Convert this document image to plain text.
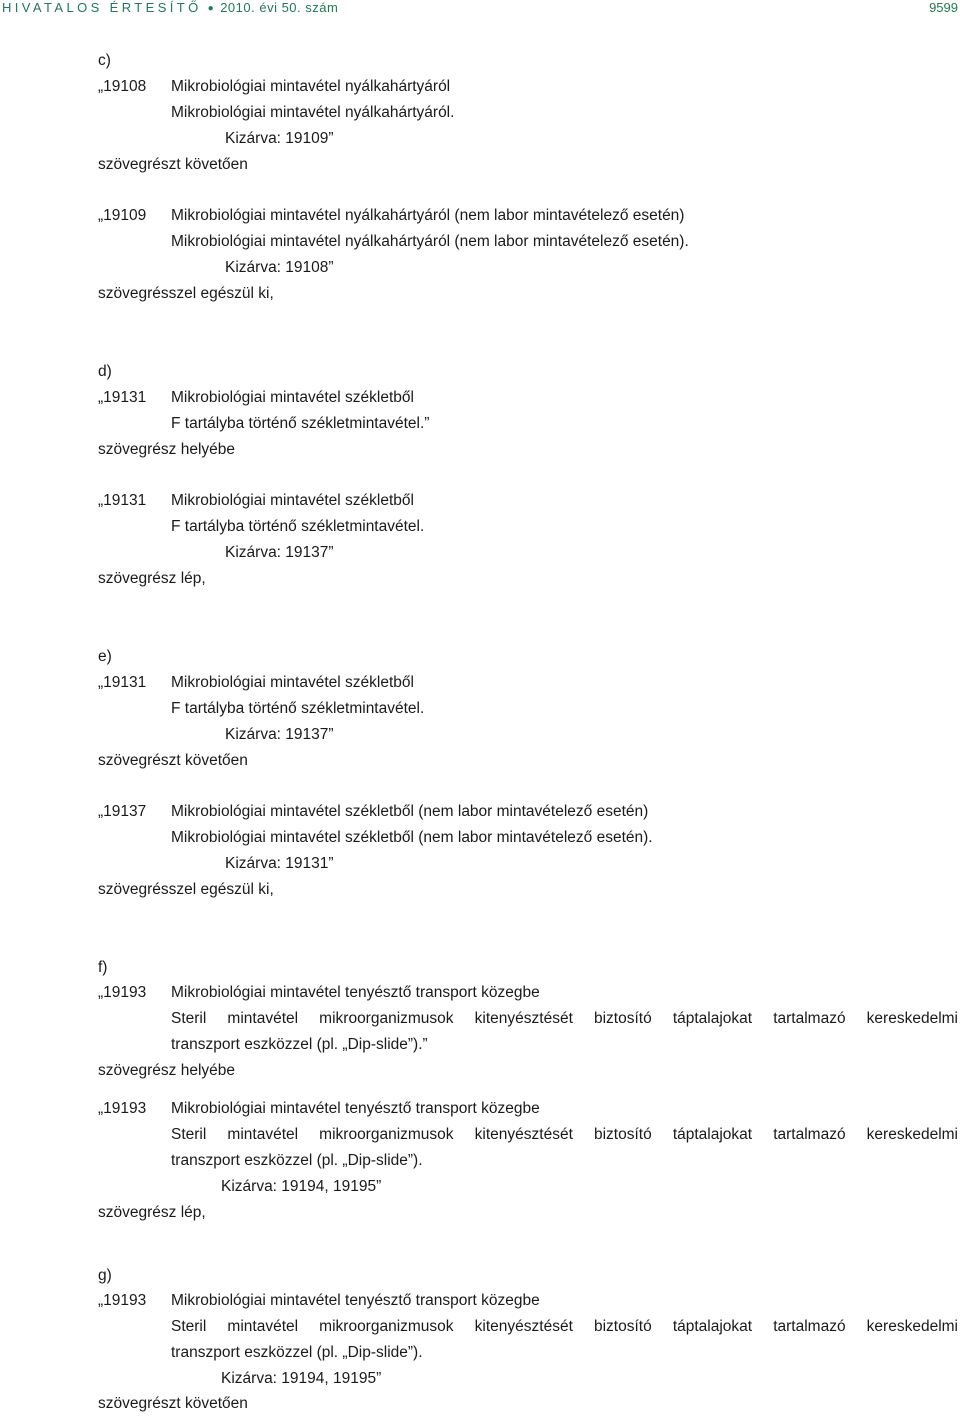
HIVATALOS ÉRTESÍTŐ ● 2010. évi 50. szám	9599
c)
„19108 Mikrobiológiai mintavétel nyálkahártyáról
Mikrobiológiai mintavétel nyálkahártyáról.
Kizárva: 19109”
szövegrészt követően
„19109 Mikrobiológiai mintavétel nyálkahártyáról (nem labor mintavételező esetén)
Mikrobiológiai mintavétel nyálkahártyáról (nem labor mintavételező esetén).
Kizárva: 19108”
szövegrésszel egészül ki,
d)
„19131 Mikrobiológiai mintavétel székletből
F tartályba történő székletmintavétel.”
szövegrész helyébe
„19131 Mikrobiológiai mintavétel székletből
F tartályba történő székletmintavétel.
Kizárva: 19137”
szövegrész lép,
e)
„19131 Mikrobiológiai mintavétel székletből
F tartályba történő székletmintavétel.
Kizárva: 19137”
szövegrészt követően
„19137 Mikrobiológiai mintavétel székletből (nem labor mintavételező esetén)
Mikrobiológiai mintavétel székletből (nem labor mintavételező esetén).
Kizárva: 19131”
szövegrésszel egészül ki,
f)
„19193 Mikrobiológiai mintavétel tenyésztő transport közegbe
Steril mintavétel mikroorganizmusok kitenyésztését biztosító táptalajokat tartalmazó kereskedelmi
transzport eszközzel (pl. „Dip-slide”).”
szövegrész helyébe
„19193 Mikrobiológiai mintavétel tenyésztő transport közegbe
Steril mintavétel mikroorganizmusok kitenyésztését biztosító táptalajokat tartalmazó kereskedelmi
transzport eszközzel (pl. „Dip-slide”).
Kizárva: 19194, 19195”
szövegrész lép,
g)
„19193 Mikrobiológiai mintavétel tenyésztő transport közegbe
Steril mintavétel mikroorganizmusok kitenyésztését biztosító táptalajokat tartalmazó kereskedelmi
transzport eszközzel (pl. „Dip-slide”).
Kizárva: 19194, 19195”
szövegrészt követően
